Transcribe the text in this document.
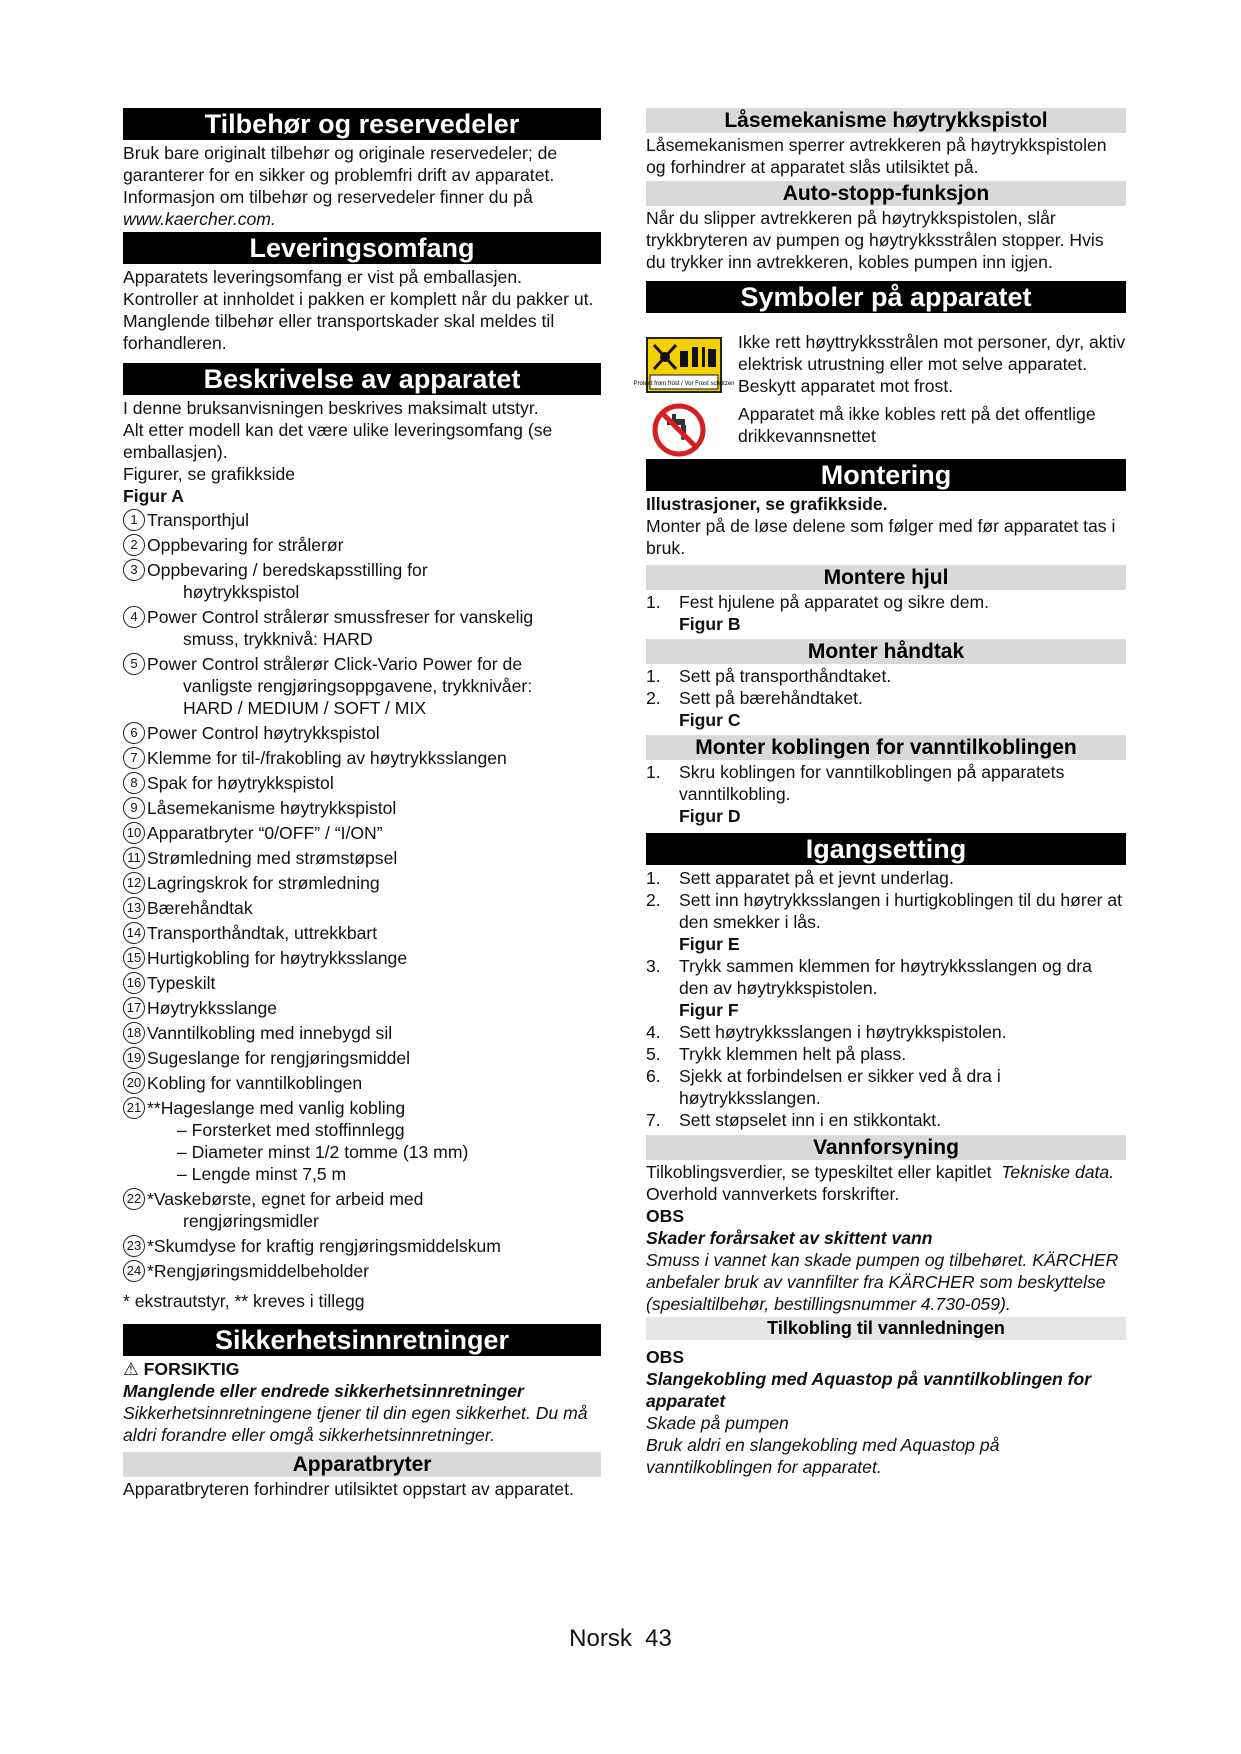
Tilbehør og reservedeler

Bruk bare originalt tilbehør og originale reservedeler; de garanterer for en sikker og problemfri drift av apparatet.

Informasjon om tilbehør og reservedeler finner du på

www.kaercher.com.

Leveringsomfang

Apparatets leveringsomfang er vist på emballasjen. Kontroller at innholdet i pakken er komplett når du pakker ut. Manglende tilbehør eller transportskader skal meldes til forhandleren.

Beskrivelse av apparatet

I denne bruksanvisningen beskrives maksimalt utstyr.

Alt etter modell kan det være ulike leveringsomfang (se emballasjen).

Figurer, se grafikkside

Figur A

1 Transporthjul
2 Oppbevaring for strålerør
3 Oppbevaring / beredskapsstilling for
høytrykkspistol
4 Power Control strålerør smussfreser for vanskelig
smuss, trykknivå: HARD
5 Power Control strålerør Click-Vario Power for de
vanligste rengjøringsoppgavene, trykknivåer:
HARD / MEDIUM / SOFT / MIX
6 Power Control høytrykkspistol
7 Klemme for til-/frakobling av høytrykksslangen
8 Spak for høytrykkspistol
9 Låsemekanisme høytrykkspistol
10 Apparatbryter “0/OFF” / “I/ON”
11 Strømledning med strømstøpsel
12 Lagringskrok for strømledning
13 Bærehåndtak
14 Transporthåndtak, uttrekkbart
15 Hurtigkobling for høytrykksslange
16 Typeskilt
17 Høytrykksslange
18 Vanntilkobling med innebygd sil
19 Sugeslange for rengjøringsmiddel
20 Kobling for vanntilkoblingen
21 **Hageslange med vanlig kobling
– Forsterket med stoffinnlegg
– Diameter minst 1/2 tomme (13 mm)
– Lengde minst 7,5 m
22 *Vaskebørste, egnet for arbeid med
rengjøringsmidler
23 *Skumdyse for kraftig rengjøringsmiddelskum
24 *Rengjøringsmiddelbeholder

* ekstrautstyr, ** kreves i tillegg

Sikkerhetsinnretninger

⚠ FORSIKTIG

Manglende eller endrede sikkerhetsinnretninger

Sikkerhetsinnretningene tjener til din egen sikkerhet. Du må aldri forandre eller omgå sikkerhetsinnretninger.

Apparatbryter

Apparatbryteren forhindrer utilsiktet oppstart av apparatet.

Låsemekanisme høytrykkspistol

Låsemekanismen sperrer avtrekkeren på høytrykkspistolen og forhindrer at apparatet slås utilsiktet på.

Auto-stopp-funksjon

Når du slipper avtrekkeren på høytrykkspistolen, slår trykkbryteren av pumpen og høytrykksstrålen stopper. Hvis du trykker inn avtrekkeren, kobles pumpen inn igjen.

Symboler på apparatet
Protect from frost / Vor Frost schützen

Ikke rett høyttrykksstrålen mot personer, dyr, aktiv elektrisk utrustning eller mot selve apparatet.

Beskytt apparatet mot frost.

Apparatet må ikke kobles rett på det offentlige drikkevannsnettet

Montering

Illustrasjoner, se grafikkside.

Monter på de løse delene som følger med før apparatet tas i bruk.

Montere hjul
1. Fest hjulene på apparatet og sikre dem.

Figur B

Monter håndtak
1. Sett på transporthåndtaket.
2. Sett på bærehåndtaket.

Figur C

Monter koblingen for vanntilkoblingen
1. Skru koblingen for vanntilkoblingen på apparatets vanntilkobling.

Figur D

Igangsetting
1. Sett apparatet på et jevnt underlag.
2. Sett inn høytrykksslangen i hurtigkoblingen til du hører at den smekker i lås.

Figur E

3. Trykk sammen klemmen for høytrykksslangen og dra den av høytrykkspistolen.

Figur F

4. Sett høytrykksslangen i høytrykkspistolen.
5. Trykk klemmen helt på plass.
6. Sjekk at forbindelsen er sikker ved å dra i høytrykksslangen.
7. Sett støpselet inn i en stikkontakt.
Vannforsyning

Tilkoblingsverdier, se typeskiltet eller kapitlet Tekniske data.

Overhold vannverkets forskrifter.

OBS

Skader forårsaket av skittent vann

Smuss i vannet kan skade pumpen og tilbehøret. KÄRCHER anbefaler bruk av vannfilter fra KÄRCHER som beskyttelse (spesialtilbehør, bestillingsnummer 4.730-059).

Tilkobling til vannledningen

OBS

Slangekobling med Aquastop på vanntilkoblingen for apparatet

Skade på pumpen

Bruk aldri en slangekobling med Aquastop på vanntilkoblingen for apparatet.

Norsk 43
